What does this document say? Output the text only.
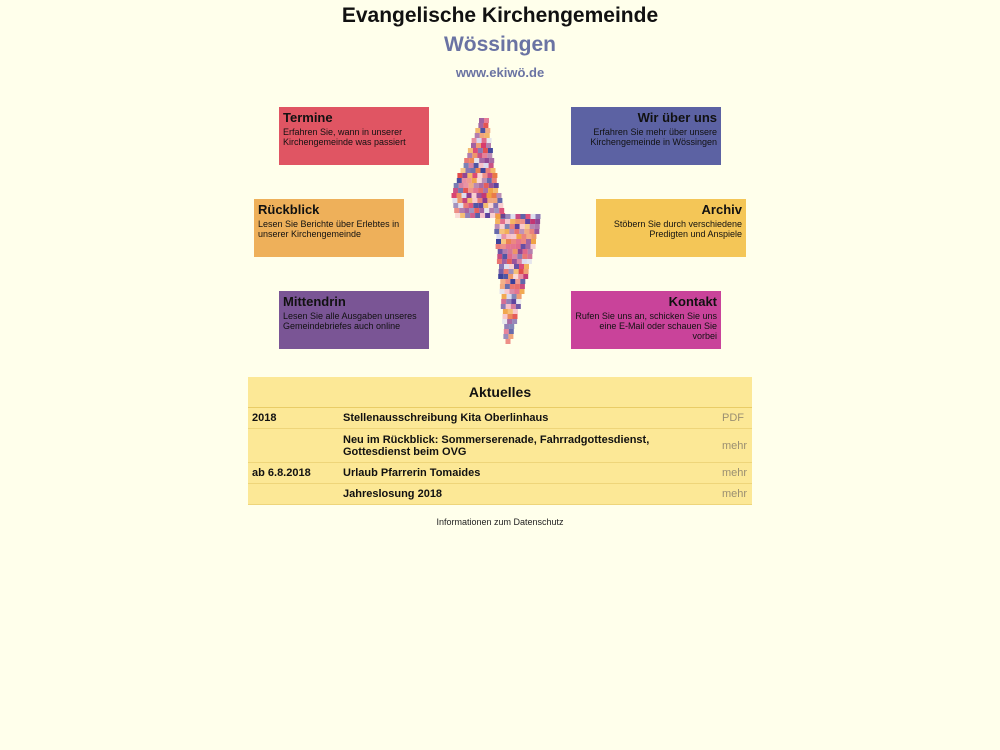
Evangelische Kirchengemeinde
Wössingen
www.ekiwö.de
Termine
Erfahren Sie, wann in unserer Kirchengemeinde was passiert
Wir über uns
Erfahren Sie mehr über unsere Kirchengemeinde in Wössingen
Rückblick
Lesen Sie Berichte über Erlebtes in unserer Kirchengemeinde
Archiv
Stöbern Sie durch verschiedene Predigten und Anspiele
Mittendrin
Lesen Sie alle Ausgaben unseres Gemeindebriefes auch online
Kontakt
Rufen Sie uns an, schicken Sie uns eine E-Mail oder schauen Sie vorbei
Aktuelles		
2018	Stellenausschreibung Kita Oberlinhaus	PDF
	Neu im Rückblick: Sommerserenade, Fahrradgottesdienst, Gottesdienst beim OVG	mehr
ab 6.8.2018	Urlaub Pfarrerin Tomaides	mehr
	Jahreslosung 2018	mehr
Informationen zum Datenschutz
